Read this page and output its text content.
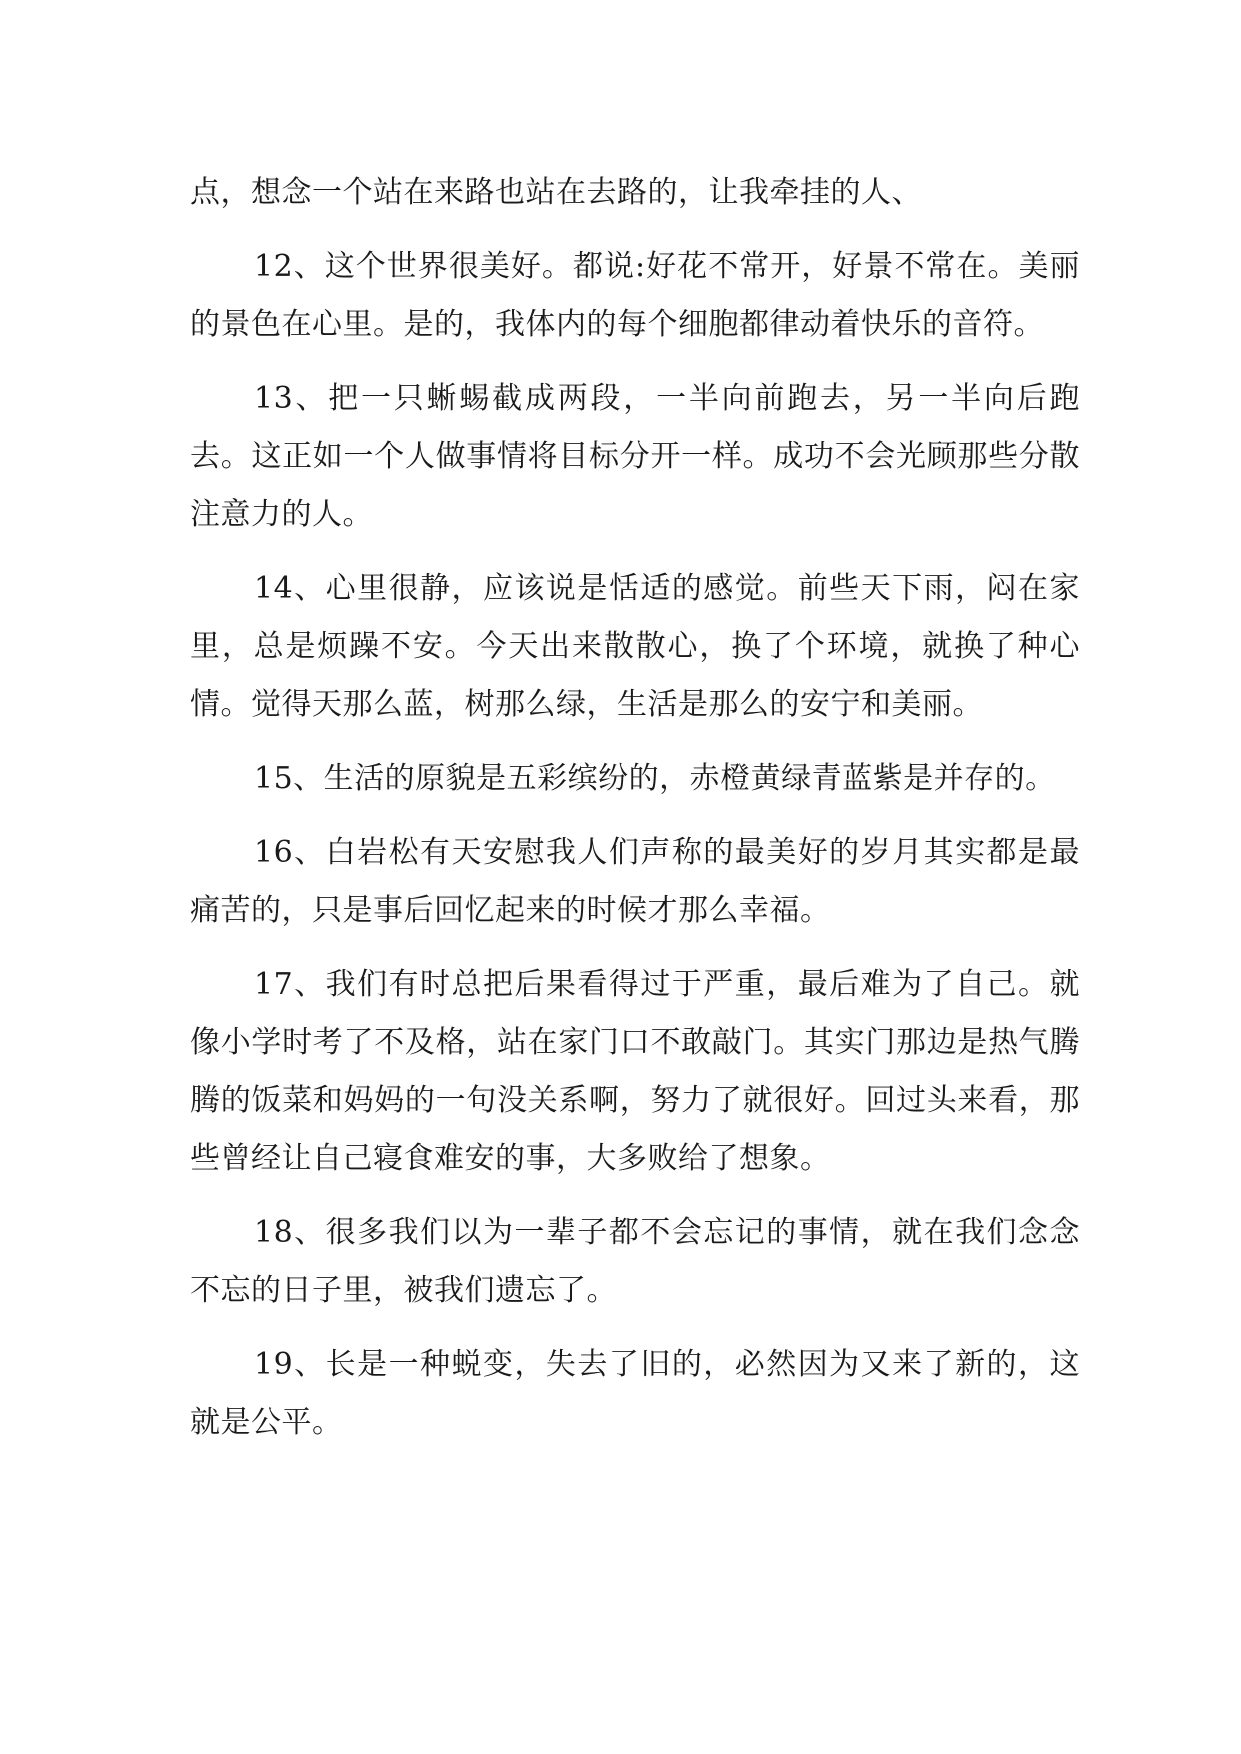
点，想念一个站在来路也站在去路的，让我牵挂的人、

12、这个世界很美好。都说:好花不常开，好景不常在。美丽的景色在心里。是的，我体内的每个细胞都律动着快乐的音符。

13、把一只蜥蜴截成两段，一半向前跑去，另一半向后跑去。这正如一个人做事情将目标分开一样。成功不会光顾那些分散注意力的人。

14、心里很静，应该说是恬适的感觉。前些天下雨，闷在家里，总是烦躁不安。今天出来散散心，换了个环境，就换了种心情。觉得天那么蓝，树那么绿，生活是那么的安宁和美丽。

15、生活的原貌是五彩缤纷的，赤橙黄绿青蓝紫是并存的。

16、白岩松有天安慰我人们声称的最美好的岁月其实都是最痛苦的，只是事后回忆起来的时候才那么幸福。

17、我们有时总把后果看得过于严重，最后难为了自己。就像小学时考了不及格，站在家门口不敢敲门。其实门那边是热气腾腾的饭菜和妈妈的一句没关系啊，努力了就很好。回过头来看，那些曾经让自己寝食难安的事，大多败给了想象。

18、很多我们以为一辈子都不会忘记的事情，就在我们念念不忘的日子里，被我们遗忘了。

19、长是一种蜕变，失去了旧的，必然因为又来了新的，这就是公平。
